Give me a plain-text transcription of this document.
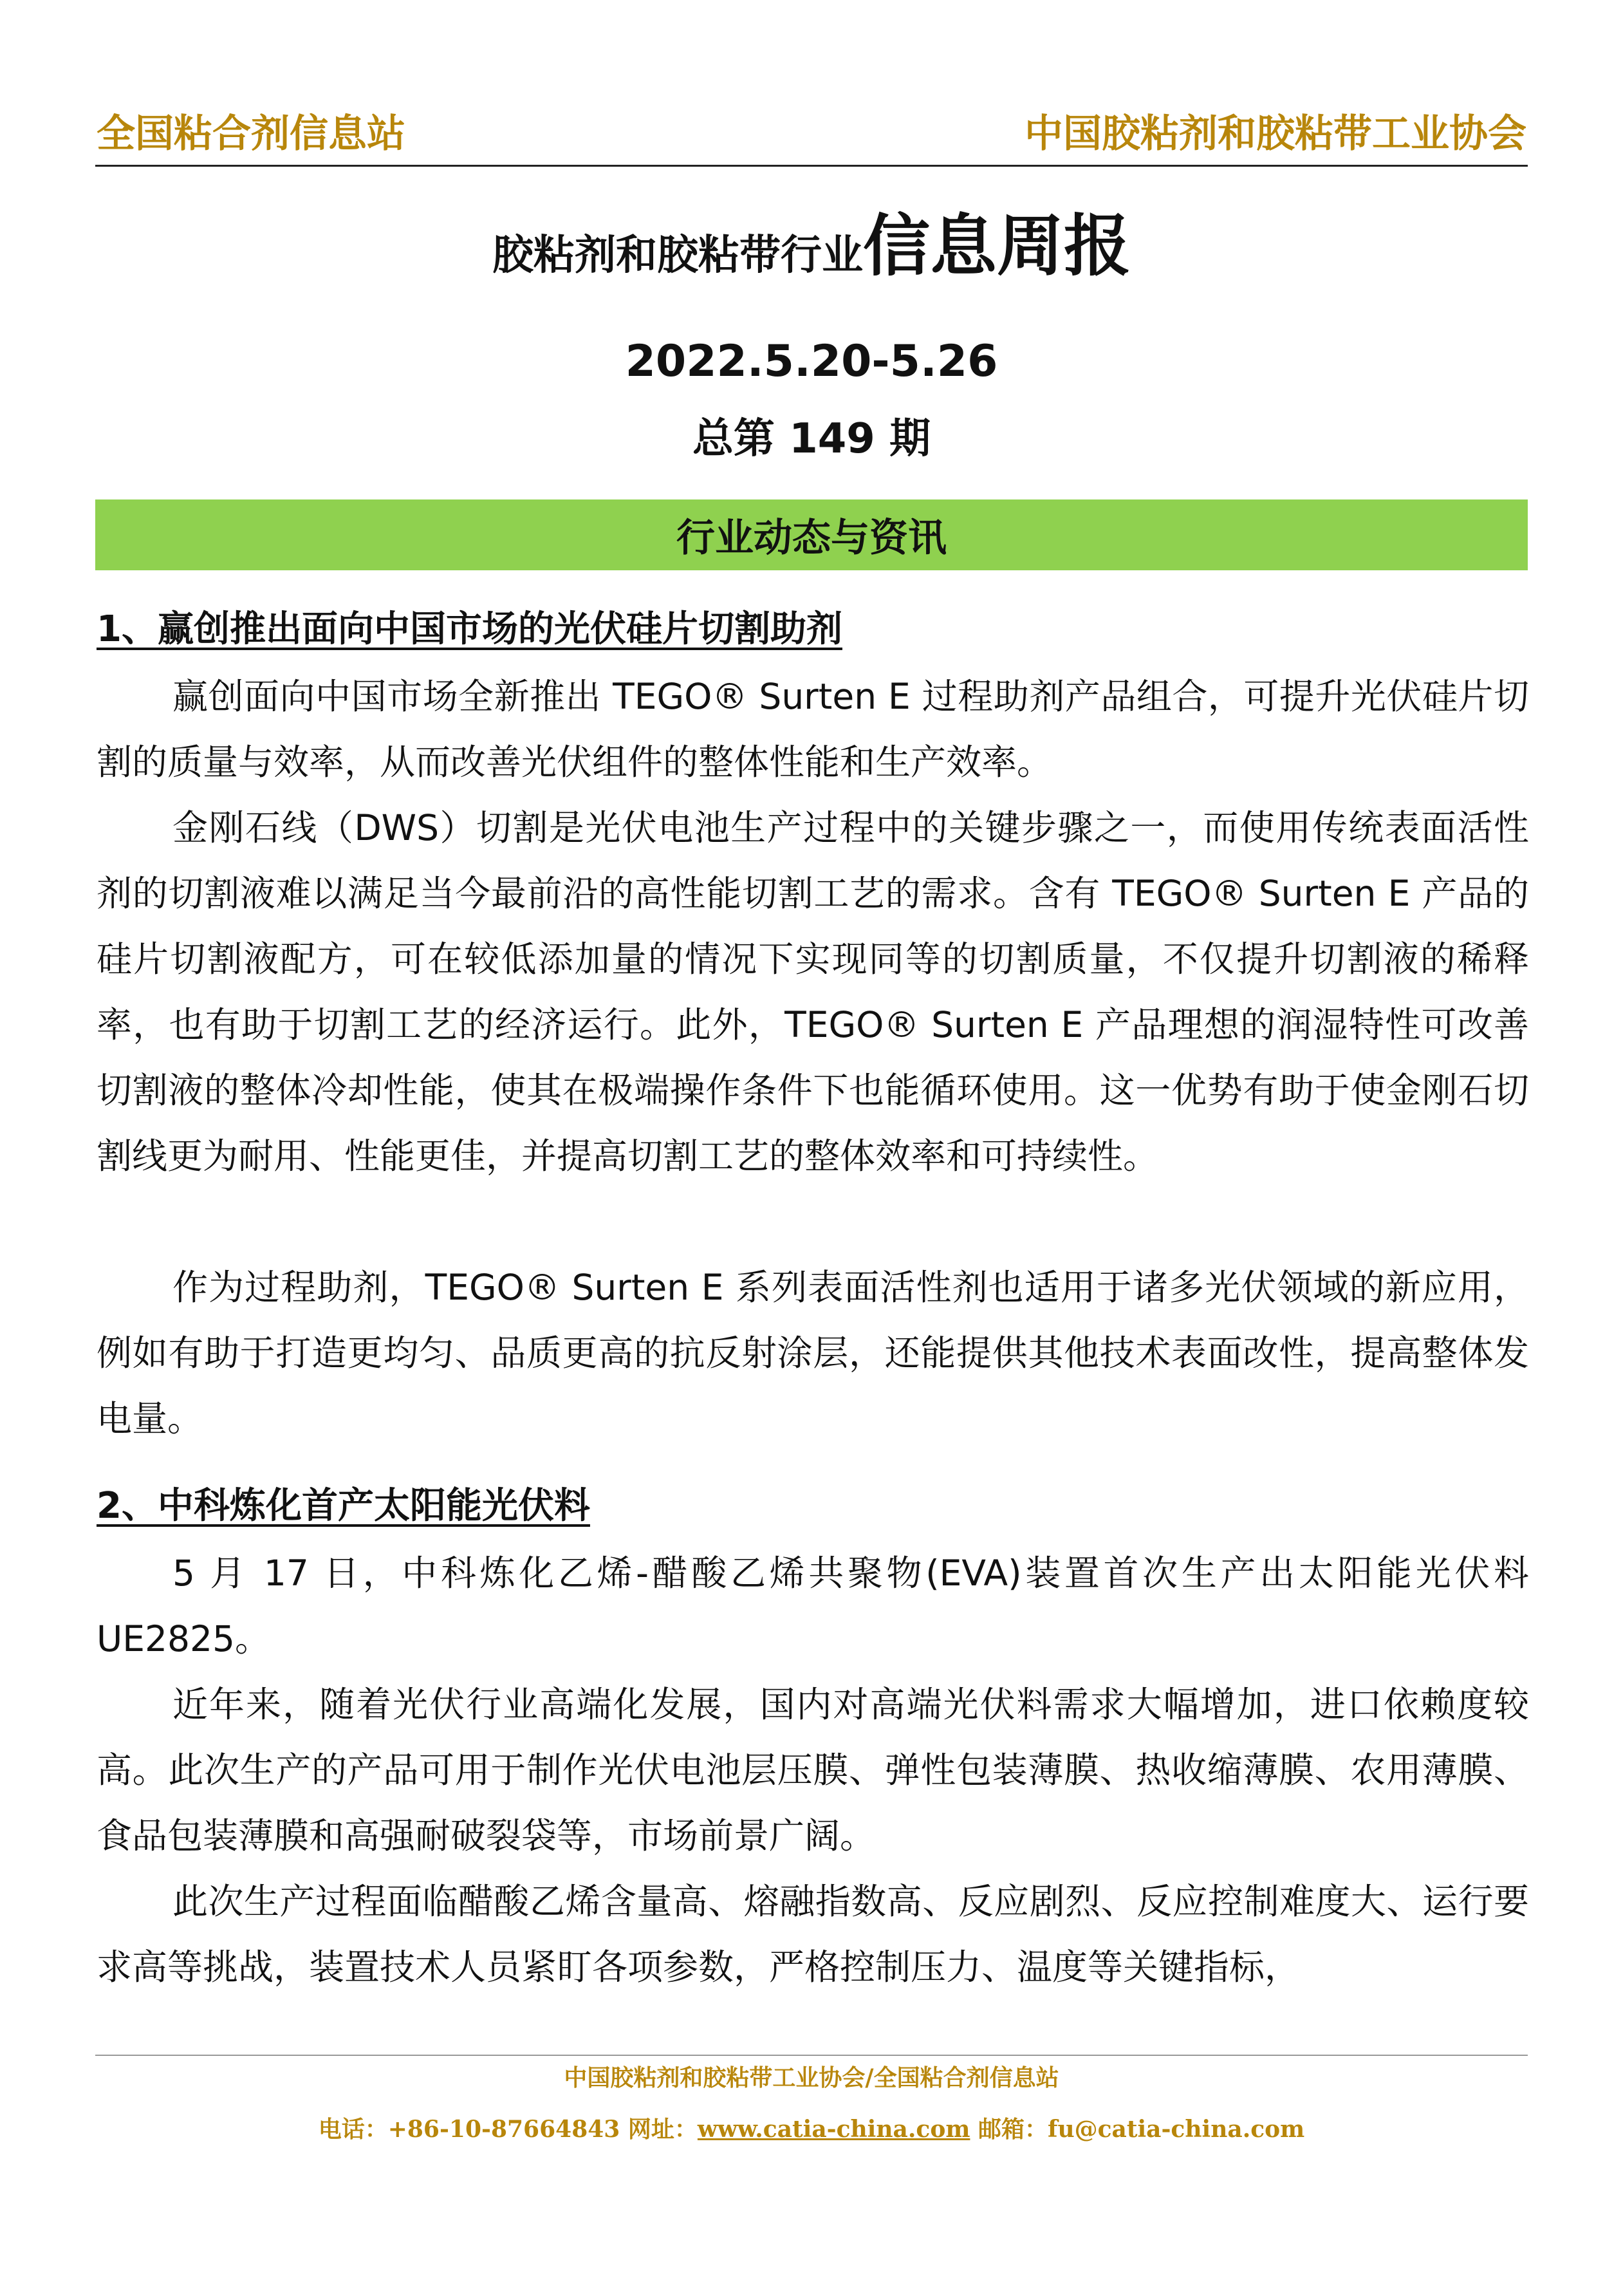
全国粘合剂信息站	中国胶粘剂和胶粘带工业协会
胶粘剂和胶粘带行业信息周报
2022.5.20-5.26
总第 149 期
行业动态与资讯
1、赢创推出面向中国市场的光伏硅片切割助剂

赢创面向中国市场全新推出 TEGO® Surten E 过程助剂产品组合，可提升光伏硅片切割的质量与效率，从而改善光伏组件的整体性能和生产效率。

金刚石线（DWS）切割是光伏电池生产过程中的关键步骤之一，而使用传统表面活性剂的切割液难以满足当今最前沿的高性能切割工艺的需求。含有 TEGO® Surten E 产品的硅片切割液配方，可在较低添加量的情况下实现同等的切割质量，不仅提升切割液的稀释率，也有助于切割工艺的经济运行。此外，TEGO® Surten E 产品理想的润湿特性可改善切割液的整体冷却性能，使其在极端操作条件下也能循环使用。这一优势有助于使金刚石切割线更为耐用、性能更佳，并提高切割工艺的整体效率和可持续性。

作为过程助剂，TEGO® Surten E 系列表面活性剂也适用于诸多光伏领域的新应用，例如有助于打造更均匀、品质更高的抗反射涂层，还能提供其他技术表面改性，提高整体发电量。

2、中科炼化首产太阳能光伏料

5 月 17 日，中科炼化乙烯-醋酸乙烯共聚物(EVA)装置首次生产出太阳能光伏料 UE2825。

近年来，随着光伏行业高端化发展，国内对高端光伏料需求大幅增加，进口依赖度较高。此次生产的产品可用于制作光伏电池层压膜、弹性包装薄膜、热收缩薄膜、农用薄膜、食品包装薄膜和高强耐破裂袋等，市场前景广阔。

此次生产过程面临醋酸乙烯含量高、熔融指数高、反应剧烈、反应控制难度大、运行要求高等挑战，装置技术人员紧盯各项参数，严格控制压力、温度等关键指标，

中国胶粘剂和胶粘带工业协会/全国粘合剂信息站
电话：+86-10-87664843 网址：www.catia-china.com 邮箱：fu@catia-china.com
